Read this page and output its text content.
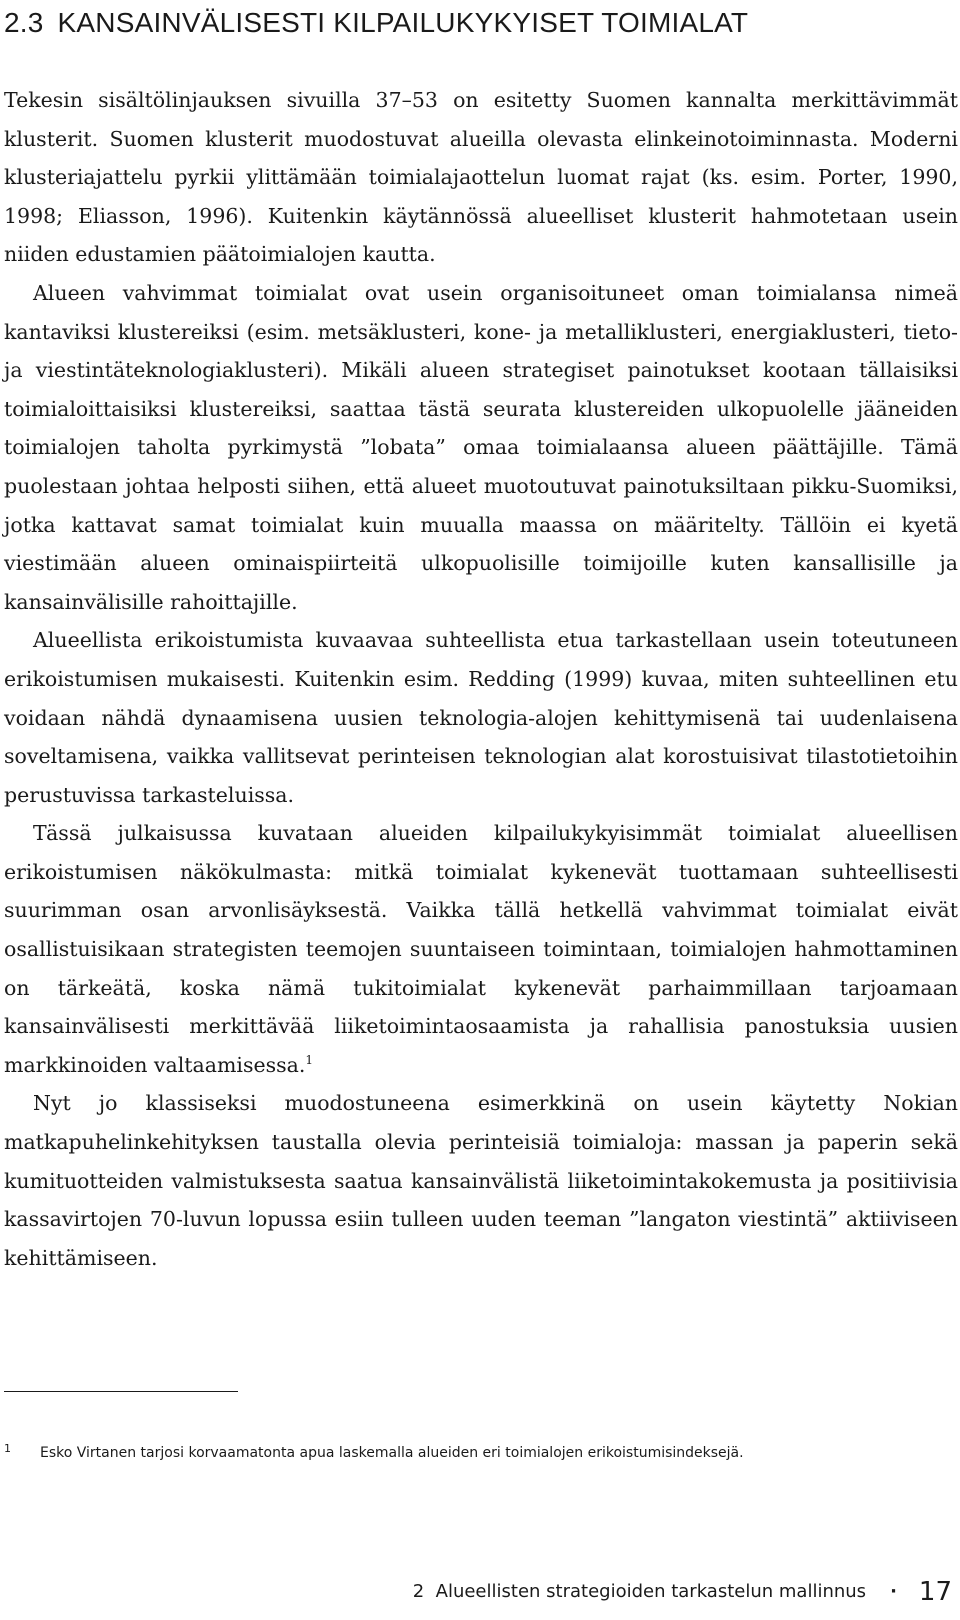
2.3 KANSAINVÄLISESTI KILPAILUKYKYISET TOIMIALAT

Tekesin sisältölinjauksen sivuilla 37–53 on esitetty Suomen kannalta merkittävimmät klusterit. Suomen klusterit muodostuvat alueilla olevasta elinkeinotoiminnasta. Moderni klusteriajattelu pyrkii ylittämään toimialajaottelun luomat rajat (ks. esim. Porter, 1990, 1998; Eliasson, 1996). Kuitenkin käytännössä alueelliset klusterit hahmotetaan usein niiden edustamien päätoimialojen kautta.

Alueen vahvimmat toimialat ovat usein organisoituneet oman toimialansa nimeä kantaviksi klustereiksi (esim. metsäklusteri, kone- ja metalliklusteri, energiaklusteri, tieto- ja viestintäteknologiaklusteri). Mikäli alueen strategiset painotukset kootaan tällaisiksi toimialoittaisiksi klustereiksi, saattaa tästä seurata klustereiden ulkopuolelle jääneiden toimialojen taholta pyrkimystä ”lobata” omaa toimialaansa alueen päättäjille. Tämä puolestaan johtaa helposti siihen, että alueet muotoutuvat painotuksiltaan pikku-Suomiksi, jotka kattavat samat toimialat kuin muualla maassa on määritelty. Tällöin ei kyetä viestimään alueen ominaispiirteitä ulkopuolisille toimijoille kuten kansallisille ja kansainvälisille rahoittajille.

Alueellista erikoistumista kuvaavaa suhteellista etua tarkastellaan usein toteutuneen erikoistumisen mukaisesti. Kuitenkin esim. Redding (1999) kuvaa, miten suhteellinen etu voidaan nähdä dynaamisena uusien teknologia-alojen kehittymisenä tai uudenlaisena soveltamisena, vaikka vallitsevat perinteisen teknologian alat korostuisivat tilastotietoihin perustuvissa tarkasteluissa.

Tässä julkaisussa kuvataan alueiden kilpailukykyisimmät toimialat alueellisen erikoistumisen näkökulmasta: mitkä toimialat kykenevät tuottamaan suhteellisesti suurimman osan arvonlisäyksestä. Vaikka tällä hetkellä vahvimmat toimialat eivät osallistuisikaan strategisten teemojen suuntaiseen toimintaan, toimialojen hahmottaminen on tärkeätä, koska nämä tukitoimialat kykenevät parhaimmillaan tarjoamaan kansainvälisesti merkittävää liiketoimintaosaamista ja rahallisia panostuksia uusien markkinoiden valtaamisessa.$^1$

Nyt jo klassiseksi muodostuneena esimerkkinä on usein käytetty Nokian matkapuhelinkehityksen taustalla olevia perinteisiä toimialoja: massan ja paperin sekä kumituotteiden valmistuksesta saatua kansainvälistä liiketoimintakokemusta ja positiivisia kassavirtojen 70-luvun lopussa esiin tulleen uuden teeman ”langaton viestintä” aktiiviseen kehittämiseen.

1 Esko Virtanen tarjosi korvaamatonta apua laskemalla alueiden eri toimialojen erikoistumisindeksejä.
2  Alueellisten strategioiden tarkastelun mallinnus · 17
